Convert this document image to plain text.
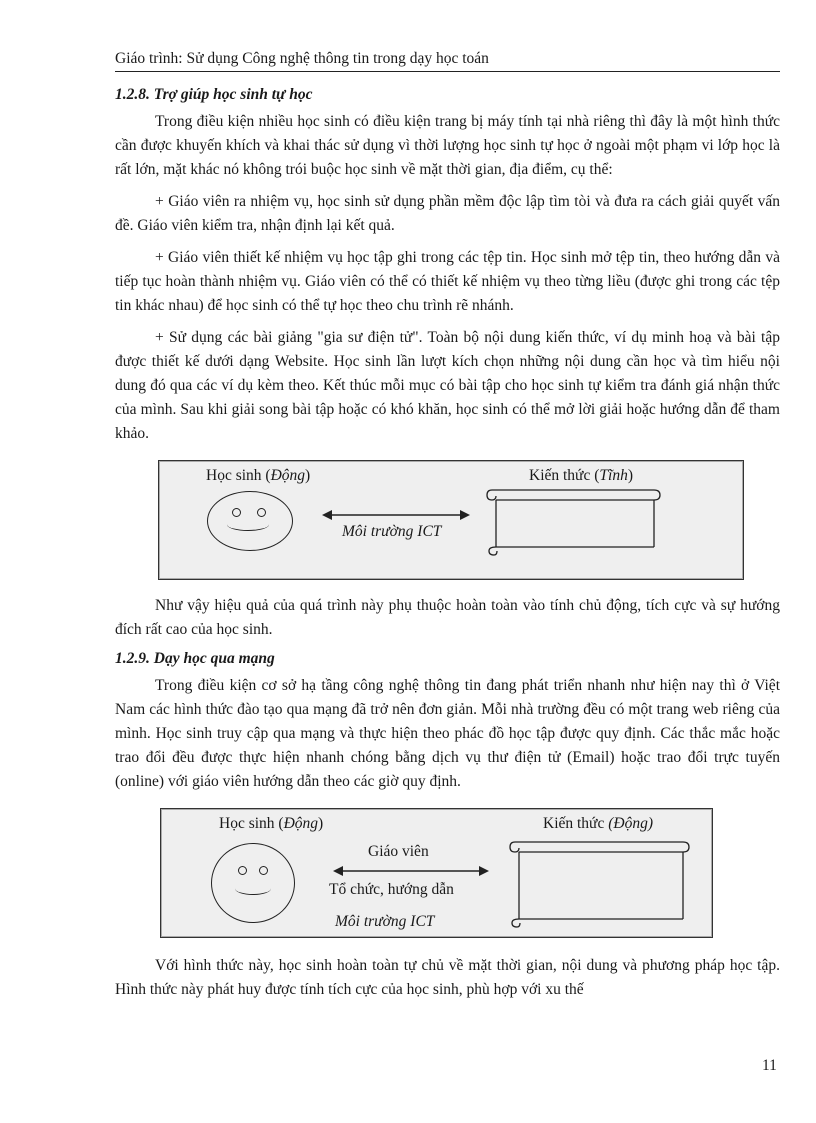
Giáo trình: Sử dụng Công nghệ thông tin trong dạy học toán
1.2.8. Trợ giúp học sinh tự học

Trong điều kiện nhiều học sinh có điều kiện trang bị máy tính tại nhà riêng thì đây là một hình thức cần được khuyến khích và khai thác sử dụng vì thời lượng học sinh tự học ở ngoài một phạm vi lớp học là rất lớn, mặt khác nó không trói buộc học sinh về mặt thời gian, địa điểm, cụ thể:

+ Giáo viên ra nhiệm vụ, học sinh sử dụng phần mềm độc lập tìm tòi và đưa ra cách giải quyết vấn đề. Giáo viên kiểm tra, nhận định lại kết quả.

+ Giáo viên thiết kế nhiệm vụ học tập ghi trong các tệp tin. Học sinh mở tệp tin, theo hướng dẫn và tiếp tục hoàn thành nhiệm vụ. Giáo viên có thể có thiết kế nhiệm vụ theo từng liều (được ghi trong các tệp tin khác nhau) để học sinh có thể tự học theo chu trình rẽ nhánh.

+ Sử dụng các bài giảng "gia sư điện tử". Toàn bộ nội dung kiến thức, ví dụ minh hoạ và bài tập được thiết kế dưới dạng Website. Học sinh lần lượt kích chọn những nội dung cần học và tìm hiểu nội dung đó qua các ví dụ kèm theo. Kết thúc mỗi mục có bài tập cho học sinh tự kiểm tra đánh giá nhận thức của mình. Sau khi giải song bài tập hoặc có khó khăn, học sinh có thể mở lời giải hoặc hướng dẫn để tham khảo.

Học sinh (Động)
Môi trường ICT
Kiến thức (Tĩnh)

Như vậy hiệu quả của quá trình này phụ thuộc hoàn toàn vào tính chủ động, tích cực và sự hướng đích rất cao của học sinh.

1.2.9. Dạy học qua mạng

Trong điều kiện cơ sở hạ tầng công nghệ thông tin đang phát triển nhanh như hiện nay thì ở Việt Nam các hình thức đào tạo qua mạng đã trở nên đơn giản. Mỗi nhà trường đều có một trang web riêng của mình. Học sinh truy cập qua mạng và thực hiện theo phác đồ học tập được quy định. Các thắc mắc hoặc trao đổi đều được thực hiện nhanh chóng bằng dịch vụ thư điện tử (Email) hoặc trao đổi trực tuyến (online) với giáo viên hướng dẫn theo các giờ quy định.

Học sinh (Động)
Giáo viên
Tổ chức, hướng dẫn
Môi trường ICT
Kiến thức (Động)

Với hình thức này, học sinh hoàn toàn tự chủ về mặt thời gian, nội dung và phương pháp học tập. Hình thức này phát huy được tính tích cực của học sinh, phù hợp với xu thế

11
